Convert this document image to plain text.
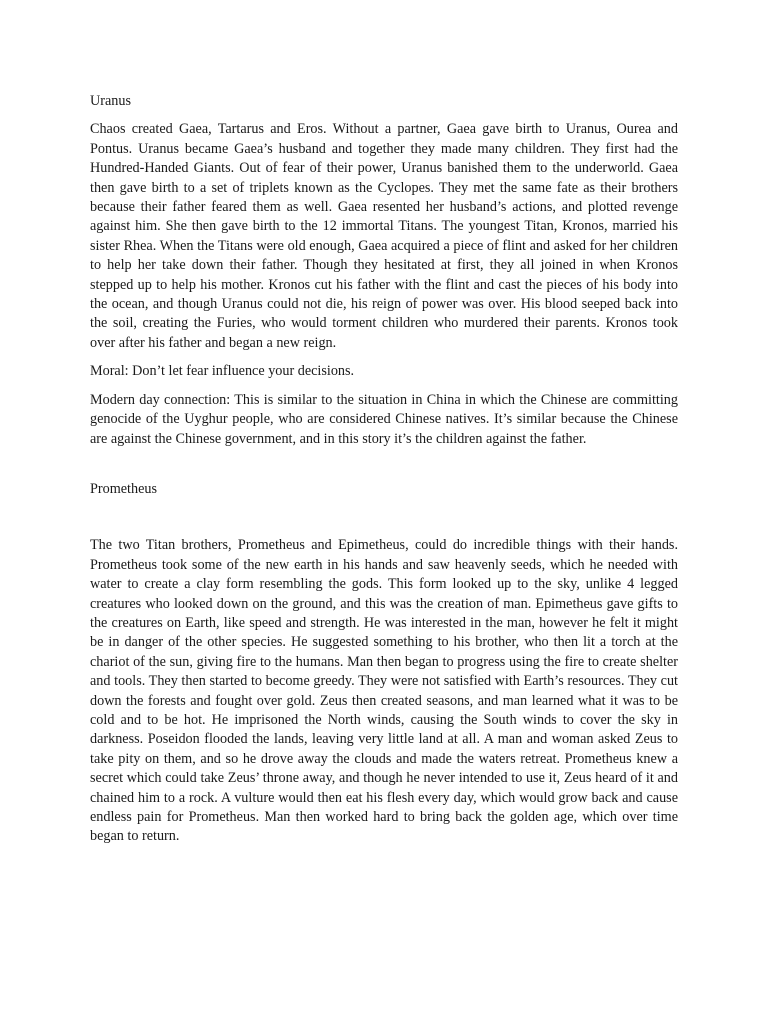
Uranus

Chaos created Gaea, Tartarus and Eros. Without a partner, Gaea gave birth to Uranus, Ourea and Pontus. Uranus became Gaea’s husband and together they made many children. They first had the Hundred-Handed Giants. Out of fear of their power, Uranus banished them to the underworld. Gaea then gave birth to a set of triplets known as the Cyclopes. They met the same fate as their brothers because their father feared them as well. Gaea resented her husband’s actions, and plotted revenge against him. She then gave birth to the 12 immortal Titans. The youngest Titan, Kronos, married his sister Rhea. When the Titans were old enough, Gaea acquired a piece of flint and asked for her children to help her take down their father. Though they hesitated at first, they all joined in when Kronos stepped up to help his mother. Kronos cut his father with the flint and cast the pieces of his body into the ocean, and though Uranus could not die, his reign of power was over. His blood seeped back into the soil, creating the Furies, who would torment children who murdered their parents. Kronos took over after his father and began a new reign.

Moral: Don’t let fear influence your decisions.

Modern day connection: This is similar to the situation in China in which the Chinese are committing genocide of the Uyghur people, who are considered Chinese natives. It’s similar because the Chinese are against the Chinese government, and in this story it’s the children against the father.

Prometheus

The two Titan brothers, Prometheus and Epimetheus, could do incredible things with their hands. Prometheus took some of the new earth in his hands and saw heavenly seeds, which he needed with water to create a clay form resembling the gods. This form looked up to the sky, unlike 4 legged creatures who looked down on the ground, and this was the creation of man. Epimetheus gave gifts to the creatures on Earth, like speed and strength. He was interested in the man, however he felt it might be in danger of the other species. He suggested something to his brother, who then lit a torch at the chariot of the sun, giving fire to the humans. Man then began to progress using the fire to create shelter and tools. They then started to become greedy. They were not satisfied with Earth’s resources. They cut down the forests and fought over gold. Zeus then created seasons, and man learned what it was to be cold and to be hot. He imprisoned the North winds, causing the South winds to cover the sky in darkness. Poseidon flooded the lands, leaving very little land at all. A man and woman asked Zeus to take pity on them, and so he drove away the clouds and made the waters retreat. Prometheus knew a secret which could take Zeus’ throne away, and though he never intended to use it, Zeus heard of it and chained him to a rock. A vulture would then eat his flesh every day, which would grow back and cause endless pain for Prometheus. Man then worked hard to bring back the golden age, which over time began to return.
